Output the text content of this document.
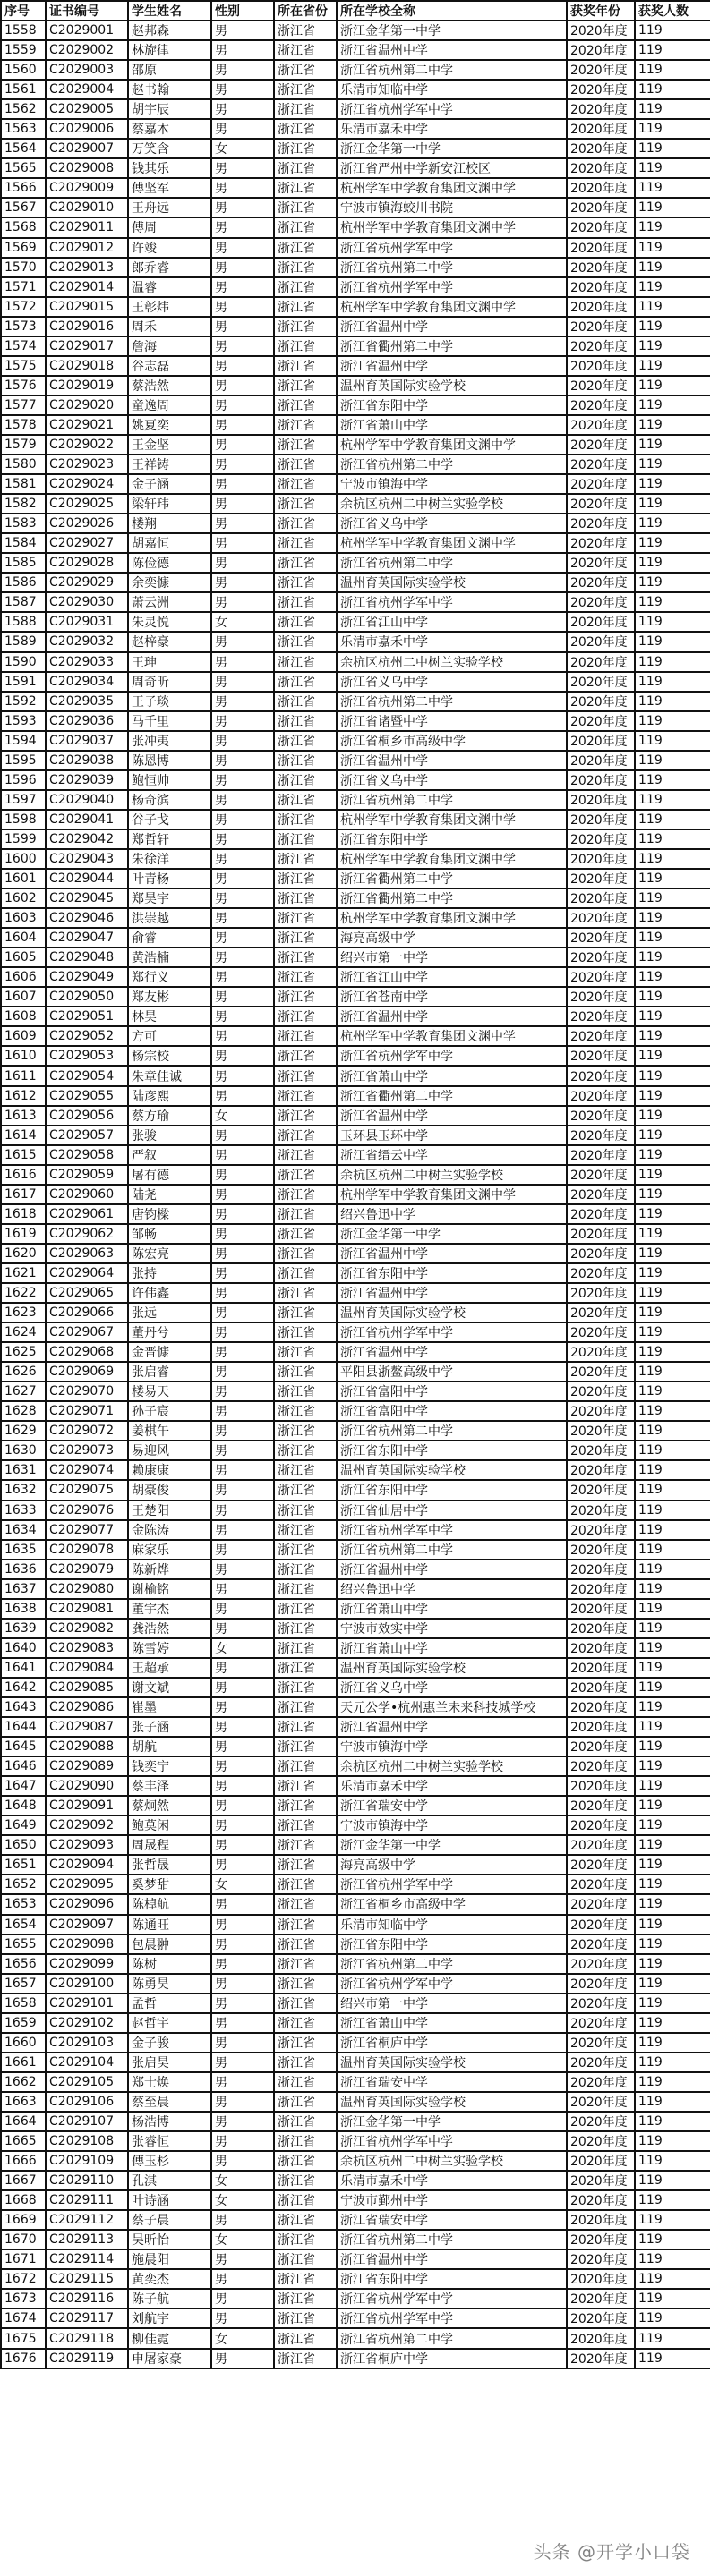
序号	证书编号	学生姓名	性别	所在省份	所在学校全称	获奖年份	获奖人数
1558	C2029001	赵邦森	男	浙江省	浙江金华第一中学	2020年度	119
1559	C2029002	林旋律	男	浙江省	浙江省温州中学	2020年度	119
1560	C2029003	邵原	男	浙江省	浙江省杭州第二中学	2020年度	119
1561	C2029004	赵书翰	男	浙江省	乐清市知临中学	2020年度	119
1562	C2029005	胡宇辰	男	浙江省	浙江省杭州学军中学	2020年度	119
1563	C2029006	蔡嘉木	男	浙江省	乐清市嘉禾中学	2020年度	119
1564	C2029007	万笑含	女	浙江省	浙江金华第一中学	2020年度	119
1565	C2029008	钱其乐	男	浙江省	浙江省严州中学新安江校区	2020年度	119
1566	C2029009	傅坚军	男	浙江省	杭州学军中学教育集团文渊中学	2020年度	119
1567	C2029010	王舟远	男	浙江省	宁波市镇海蛟川书院	2020年度	119
1568	C2029011	傅周	男	浙江省	杭州学军中学教育集团文渊中学	2020年度	119
1569	C2029012	许竣	男	浙江省	浙江省杭州学军中学	2020年度	119
1570	C2029013	郎乔睿	男	浙江省	浙江省杭州第二中学	2020年度	119
1571	C2029014	温睿	男	浙江省	浙江省杭州学军中学	2020年度	119
1572	C2029015	王彰炜	男	浙江省	杭州学军中学教育集团文渊中学	2020年度	119
1573	C2029016	周禾	男	浙江省	浙江省温州中学	2020年度	119
1574	C2029017	詹海	男	浙江省	浙江省衢州第二中学	2020年度	119
1575	C2029018	谷志磊	男	浙江省	浙江省温州中学	2020年度	119
1576	C2029019	蔡浩然	男	浙江省	温州育英国际实验学校	2020年度	119
1577	C2029020	童逸周	男	浙江省	浙江省东阳中学	2020年度	119
1578	C2029021	姚夏奕	男	浙江省	浙江省萧山中学	2020年度	119
1579	C2029022	王金坚	男	浙江省	杭州学军中学教育集团文渊中学	2020年度	119
1580	C2029023	王祥铸	男	浙江省	浙江省杭州第二中学	2020年度	119
1581	C2029024	金子涵	男	浙江省	宁波市镇海中学	2020年度	119
1582	C2029025	梁轩玮	男	浙江省	余杭区杭州二中树兰实验学校	2020年度	119
1583	C2029026	楼翔	男	浙江省	浙江省义乌中学	2020年度	119
1584	C2029027	胡嘉恒	男	浙江省	杭州学军中学教育集团文渊中学	2020年度	119
1585	C2029028	陈俭德	男	浙江省	浙江省杭州第二中学	2020年度	119
1586	C2029029	余奕慷	男	浙江省	温州育英国际实验学校	2020年度	119
1587	C2029030	萧云洲	男	浙江省	浙江省杭州学军中学	2020年度	119
1588	C2029031	朱灵悦	女	浙江省	浙江省江山中学	2020年度	119
1589	C2029032	赵梓豪	男	浙江省	乐清市嘉禾中学	2020年度	119
1590	C2029033	王珅	男	浙江省	余杭区杭州二中树兰实验学校	2020年度	119
1591	C2029034	周奇昕	男	浙江省	浙江省义乌中学	2020年度	119
1592	C2029035	王子琰	男	浙江省	浙江省杭州第二中学	2020年度	119
1593	C2029036	马千里	男	浙江省	浙江省诸暨中学	2020年度	119
1594	C2029037	张冲夷	男	浙江省	浙江省桐乡市高级中学	2020年度	119
1595	C2029038	陈恩博	男	浙江省	浙江省温州中学	2020年度	119
1596	C2029039	鲍恒帅	男	浙江省	浙江省义乌中学	2020年度	119
1597	C2029040	杨奇滨	男	浙江省	浙江省杭州第二中学	2020年度	119
1598	C2029041	谷子戈	男	浙江省	杭州学军中学教育集团文渊中学	2020年度	119
1599	C2029042	郑哲轩	男	浙江省	浙江省东阳中学	2020年度	119
1600	C2029043	朱徐洋	男	浙江省	杭州学军中学教育集团文渊中学	2020年度	119
1601	C2029044	叶青杨	男	浙江省	浙江省衢州第二中学	2020年度	119
1602	C2029045	郑昊宇	男	浙江省	浙江省衢州第二中学	2020年度	119
1603	C2029046	洪崇越	男	浙江省	杭州学军中学教育集团文渊中学	2020年度	119
1604	C2029047	俞睿	男	浙江省	海亮高级中学	2020年度	119
1605	C2029048	黄浩楠	男	浙江省	绍兴市第一中学	2020年度	119
1606	C2029049	郑行义	男	浙江省	浙江省江山中学	2020年度	119
1607	C2029050	郑友彬	男	浙江省	浙江省苍南中学	2020年度	119
1608	C2029051	林昊	男	浙江省	浙江省温州中学	2020年度	119
1609	C2029052	方可	男	浙江省	杭州学军中学教育集团文渊中学	2020年度	119
1610	C2029053	杨宗校	男	浙江省	浙江省杭州学军中学	2020年度	119
1611	C2029054	朱章佳诚	男	浙江省	浙江省萧山中学	2020年度	119
1612	C2029055	陆彦熙	男	浙江省	浙江省衢州第二中学	2020年度	119
1613	C2029056	蔡方瑜	女	浙江省	浙江省温州中学	2020年度	119
1614	C2029057	张骏	男	浙江省	玉环县玉环中学	2020年度	119
1615	C2029058	严叙	男	浙江省	浙江省缙云中学	2020年度	119
1616	C2029059	屠有德	男	浙江省	余杭区杭州二中树兰实验学校	2020年度	119
1617	C2029060	陆尧	男	浙江省	杭州学军中学教育集团文渊中学	2020年度	119
1618	C2029061	唐钧樑	男	浙江省	绍兴鲁迅中学	2020年度	119
1619	C2029062	邹畅	男	浙江省	浙江金华第一中学	2020年度	119
1620	C2029063	陈宏亮	男	浙江省	浙江省温州中学	2020年度	119
1621	C2029064	张持	男	浙江省	浙江省东阳中学	2020年度	119
1622	C2029065	许伟鑫	男	浙江省	浙江省温州中学	2020年度	119
1623	C2029066	张远	男	浙江省	温州育英国际实验学校	2020年度	119
1624	C2029067	董丹兮	男	浙江省	浙江省杭州学军中学	2020年度	119
1625	C2029068	金晋慷	男	浙江省	浙江省温州中学	2020年度	119
1626	C2029069	张启睿	男	浙江省	平阳县浙鳌高级中学	2020年度	119
1627	C2029070	楼易天	男	浙江省	浙江省富阳中学	2020年度	119
1628	C2029071	孙子宸	男	浙江省	浙江省富阳中学	2020年度	119
1629	C2029072	姜棋午	男	浙江省	浙江省杭州第二中学	2020年度	119
1630	C2029073	易迎风	男	浙江省	浙江省东阳中学	2020年度	119
1631	C2029074	赖康康	男	浙江省	温州育英国际实验学校	2020年度	119
1632	C2029075	胡豪俊	男	浙江省	浙江省东阳中学	2020年度	119
1633	C2029076	王楚阳	男	浙江省	浙江省仙居中学	2020年度	119
1634	C2029077	金陈涛	男	浙江省	浙江省杭州学军中学	2020年度	119
1635	C2029078	麻家乐	男	浙江省	浙江省杭州第二中学	2020年度	119
1636	C2029079	陈新烨	男	浙江省	浙江省温州中学	2020年度	119
1637	C2029080	谢榆铭	男	浙江省	绍兴鲁迅中学	2020年度	119
1638	C2029081	董宇杰	男	浙江省	浙江省萧山中学	2020年度	119
1639	C2029082	龚浩然	男	浙江省	宁波市效实中学	2020年度	119
1640	C2029083	陈雪婷	女	浙江省	浙江省萧山中学	2020年度	119
1641	C2029084	王超承	男	浙江省	温州育英国际实验学校	2020年度	119
1642	C2029085	谢文斌	男	浙江省	浙江省义乌中学	2020年度	119
1643	C2029086	崔墨	男	浙江省	天元公学•杭州惠兰未来科技城学校	2020年度	119
1644	C2029087	张子涵	男	浙江省	浙江省温州中学	2020年度	119
1645	C2029088	胡航	男	浙江省	宁波市镇海中学	2020年度	119
1646	C2029089	钱奕宁	男	浙江省	余杭区杭州二中树兰实验学校	2020年度	119
1647	C2029090	蔡丰泽	男	浙江省	乐清市嘉禾中学	2020年度	119
1648	C2029091	蔡炯然	男	浙江省	浙江省瑞安中学	2020年度	119
1649	C2029092	鲍莫闲	男	浙江省	宁波市镇海中学	2020年度	119
1650	C2029093	周晟程	男	浙江省	浙江金华第一中学	2020年度	119
1651	C2029094	张哲晟	男	浙江省	海亮高级中学	2020年度	119
1652	C2029095	奚梦甜	女	浙江省	浙江省杭州学军中学	2020年度	119
1653	C2029096	陈棹航	男	浙江省	浙江省桐乡市高级中学	2020年度	119
1654	C2029097	陈通旺	男	浙江省	乐清市知临中学	2020年度	119
1655	C2029098	包晨翀	男	浙江省	浙江省东阳中学	2020年度	119
1656	C2029099	陈树	男	浙江省	浙江省杭州第二中学	2020年度	119
1657	C2029100	陈勇昊	男	浙江省	浙江省杭州学军中学	2020年度	119
1658	C2029101	孟哲	男	浙江省	绍兴市第一中学	2020年度	119
1659	C2029102	赵哲宇	男	浙江省	浙江省萧山中学	2020年度	119
1660	C2029103	金子骏	男	浙江省	浙江省桐庐中学	2020年度	119
1661	C2029104	张启昊	男	浙江省	温州育英国际实验学校	2020年度	119
1662	C2029105	郑士焕	男	浙江省	浙江省瑞安中学	2020年度	119
1663	C2029106	蔡至晨	男	浙江省	温州育英国际实验学校	2020年度	119
1664	C2029107	杨浩博	男	浙江省	浙江金华第一中学	2020年度	119
1665	C2029108	张睿恒	男	浙江省	浙江省杭州学军中学	2020年度	119
1666	C2029109	傅玉杉	男	浙江省	余杭区杭州二中树兰实验学校	2020年度	119
1667	C2029110	孔淇	女	浙江省	乐清市嘉禾中学	2020年度	119
1668	C2029111	叶诗涵	女	浙江省	宁波市鄞州中学	2020年度	119
1669	C2029112	蔡子晨	男	浙江省	浙江省瑞安中学	2020年度	119
1670	C2029113	吴昕怡	女	浙江省	浙江省杭州第二中学	2020年度	119
1671	C2029114	施晨阳	男	浙江省	浙江省温州中学	2020年度	119
1672	C2029115	黄奕杰	男	浙江省	浙江省东阳中学	2020年度	119
1673	C2029116	陈子航	男	浙江省	浙江省杭州学军中学	2020年度	119
1674	C2029117	刘航宇	男	浙江省	浙江省杭州学军中学	2020年度	119
1675	C2029118	柳佳霓	女	浙江省	浙江省杭州第二中学	2020年度	119
1676	C2029119	申屠家豪	男	浙江省	浙江省桐庐中学	2020年度	119
头条 @开学小口袋
